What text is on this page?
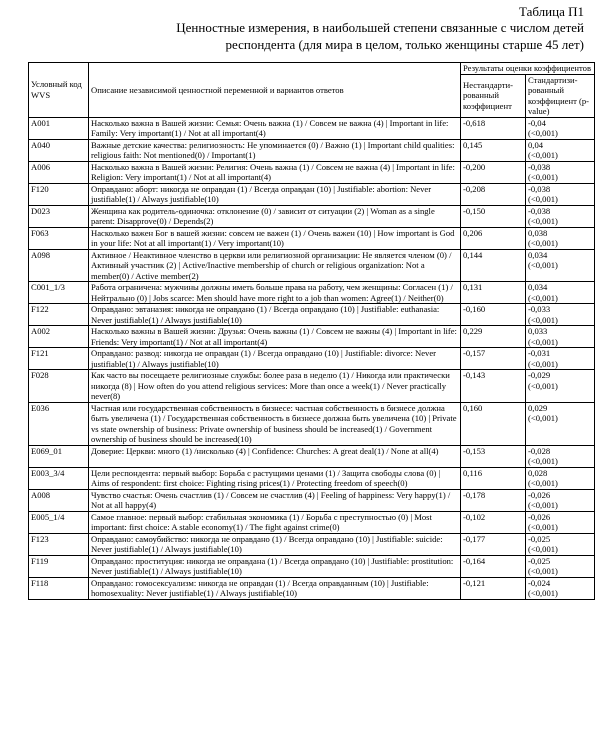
Таблица П1
Ценностные измерения, в наибольшей степени связанные с числом детей
респондента (для мира в целом, только женщины старше 45 лет)
Условный код WVS	Описание независимой ценностной переменной и вариантов ответов	Результаты оценки коэффициентов	
		Нестандартированный коэффициент	Стандартизированный коэффициент (p-value)
A001	Насколько важна в Вашей жизни: Семья: Очень важна (1) / Совсем не важна (4) | Important in life: Family: Very important(1) / Not at all important(4)	-0,618	-0,04
(<0,001)

A040	Важные детские качества: религиозность: Не упоминается (0) / Важно (1) | Important child qualities: religious faith: Not mentioned(0) / Important(1)	0,145	0,04
(<0,001)

A006	Насколько важна в Вашей жизни: Религия: Очень важна (1) / Совсем не важна (4) | Important in life: Religion: Very important(1) / Not at all important(4)	-0,200	-0,038
(<0,001)

F120	Оправдано: аборт: никогда не оправдан (1) / Всегда оправдан (10) | Justifiable: abortion: Never justifiable(1) / Always justifiable(10)	-0,208	-0,038
(<0,001)

D023	Женщина как родитель-одиночка: отклонение (0) / зависит от ситуации (2) | Woman as a single parent: Disapprove(0) / Depends(2)	-0,150	-0,038
(<0,001)

F063	Насколько важен Бог в вашей жизни: совсем не важен (1) / Очень важен (10) | How important is God in your life: Not at all important(1) / Very important(10)	0,206	0,038
(<0,001)

A098	Активное / Неактивное членство в церкви или религиозной организации: Не является членом (0) / Активный участник (2) | Active/Inactive membership of church or religious organization: Not a member(0) / Active member(2)	0,144	0,034
(<0,001)

C001_1/3	Работа ограничена: мужчины должны иметь больше права на работу, чем женщины: Согласен (1) / Нейтрально (0) | Jobs scarce: Men should have more right to a job than women: Agree(1) / Neither(0)	0,131	0,034
(<0,001)

F122	Оправдано: эвтаназия: никогда не оправдано (1) / Всегда оправдано (10) | Justifiable: euthanasia: Never justifiable(1) / Always justifiable(10)	-0,160	-0,033
(<0,001)

A002	Насколько важны в Вашей жизни: Друзья: Очень важны (1) / Совсем не важны (4) | Important in life: Friends: Very important(1) / Not at all important(4)	0,229	0,033
(<0,001)

F121	Оправдано: развод: никогда не оправдан (1) / Всегда оправдано (10) | Justifiable: divorce: Never justifiable(1) / Always justifiable(10)	-0,157	-0,031
(<0,001)

F028	Как часто вы посещаете религиозные службы: более раза в неделю (1) / Никогда или практически никогда (8) | How often do you attend religious services: More than once a week(1) / Never practically never(8)	-0,143	-0,029
(<0,001)

E036	Частная или государственная собственность в бизнесе: частная собственность в бизнесе должна быть увеличена (1) / Государственная собственность в бизнесе должна быть увеличена (10) | Private vs state ownership of business: Private ownership of business should be increased(1) / Government ownership of business should be increased(10)	0,160	0,029
(<0,001)

E069_01	Доверие: Церкви: много (1) /нисколько (4) | Confidence: Churches: A great deal(1) / None at all(4)	-0,153	-0,028
(<0,001)

E003_3/4	Цели респондента: первый выбор: Борьба с растущими ценами (1) / Защита свободы слова (0) | Aims of respondent: first choice: Fighting rising prices(1) / Protecting freedom of speech(0)	0,116	0,028
(<0,001)

A008	Чувство счастья: Очень счастлив (1) / Совсем не счастлив (4) | Feeling of happiness: Very happy(1) / Not at all happy(4)	-0,178	-0,026
(<0,001)

E005_1/4	Самое главное: первый выбор: стабильная экономика (1) / Борьба с преступностью (0) | Most important: first choice: A stable economy(1) / The fight against crime(0)	-0,102	-0,026
(<0,001)

F123	Оправдано: самоубийство: никогда не оправдано (1) / Всегда оправдано (10) | Justifiable: suicide: Never justifiable(1) / Always justifiable(10)	-0,177	-0,025
(<0,001)

F119	Оправдано: проституция: никогда не оправдана (1) / Всегда оправдано (10) | Justifiable: prostitution: Never justifiable(1) / Always justifiable(10)	-0,164	-0,025
(<0,001)

F118	Оправдано: гомосексуализм: никогда не оправдан (1) / Всегда оправданным (10) | Justifiable: homosexuality: Never justifiable(1) / Always justifiable(10)	-0,121	-0,024
(<0,001)
